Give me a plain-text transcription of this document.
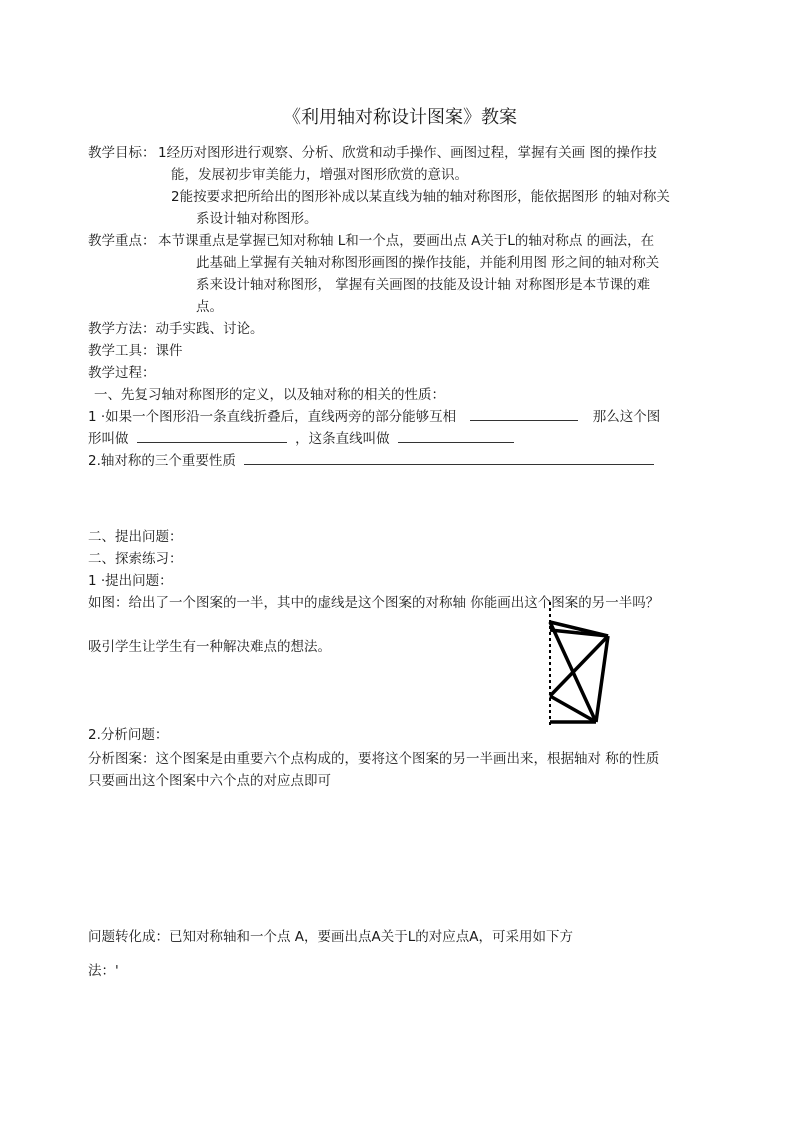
《利用轴对称设计图案》教案
教学目标： 1经历对图形进行观察、分析、欣赏和动手操作、画图过程，掌握有关画 图的操作技
能，发展初步审美能力，增强对图形欣赏的意识。
2能按要求把所给出的图形补成以某直线为轴的轴对称图形，能依据图形 的轴对称关
系设计轴对称图形。
教学重点： 本节课重点是掌握已知对称轴 L和一个点，要画出点 A关于L的轴对称点 的画法，在
此基础上掌握有关轴对称图形画图的操作技能，并能利用图 形之间的轴对称关
系来设计轴对称图形， 掌握有关画图的技能及设计轴 对称图形是本节课的难
点。
教学方法：动手实践、讨论。
教学工具：课件
教学过程：
一、先复习轴对称图形的定义，以及轴对称的相关的性质：
1 ·如果一个图形沿一条直线折叠后，直线两旁的部分能够互相	那么这个图
形叫做	，这条直线叫做
2.轴对称的三个重要性质
二、提出问题：
二、探索练习：
1 ·提出问题：
如图：给出了一个图案的一半，其中的虚线是这个图案的对称轴 你能画出这个图案的另一半吗？
吸引学生让学生有一种解决难点的想法。
2.分析问题：
分析图案：这个图案是由重要六个点构成的，要将这个图案的另一半画出来，根据轴对 称的性质
只要画出这个图案中六个点的对应点即可
问题转化成：已知对称轴和一个点 A，要画出点A关于L的对应点A，可采用如下方
法：'
